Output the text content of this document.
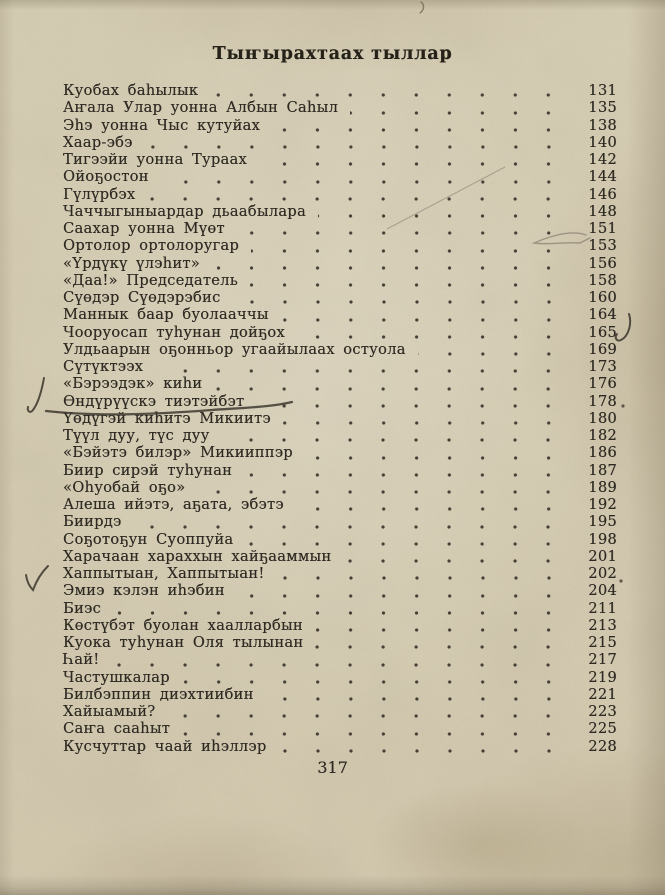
Тыҥырахтаах тыллар
Куобах баһылык	131
Аҥала Улар уонна Албын Саһыл	135
Эһэ уонна Чыс кутуйах	138
Хаар-эбэ	140
Тигээйи уонна Тураах	142
Ойоҕостон	144
Гүлүрбэх	146
Чаччыгыныардар дьаабылара	148
Саахар уонна Мүөт	151
Ортолор ортолоругар	153
«Үрдүкү үлэһит»	156
«Даа!» Председатель	158
Сүөдэр Сүөдэрэбис	160
Маннык баар буолааччы	164
Чооруосап туһунан дойҕох	165
Улдьаарын оҕонньор угаайылаах остуола	169
Сүтүктээх	173
«Бэрээдэк» киһи	176
Өндүрүүскэ тиэтэйбэт	178
Үөдүгэй киһитэ Микиитэ	180
Түүл дуу, түс дуу	182
«Бэйэтэ билэр» Микииппэр	186
Биир сирэй туһунан	187
«Оһуобай оҕо»	189
Алеша ийэтэ, аҕата, эбэтэ	192
Биирдэ	195
Соҕотоҕун Суоппуйа	198
Харачаан хараххын хайҕааммын	201
Хаппытыан, Хаппытыан!	202
Эмиэ кэлэн иһэбин	204
Биэс	211
Көстүбэт буолан хаалларбын	213
Куока туһунан Оля тылынан	215
Һай!	217
Частушкалар	219
Билбэппин диэхтиибин	221
Хайыамый?	223
Саҥа сааһыт	225
Кусчуттар чаай иһэллэр	228
317
